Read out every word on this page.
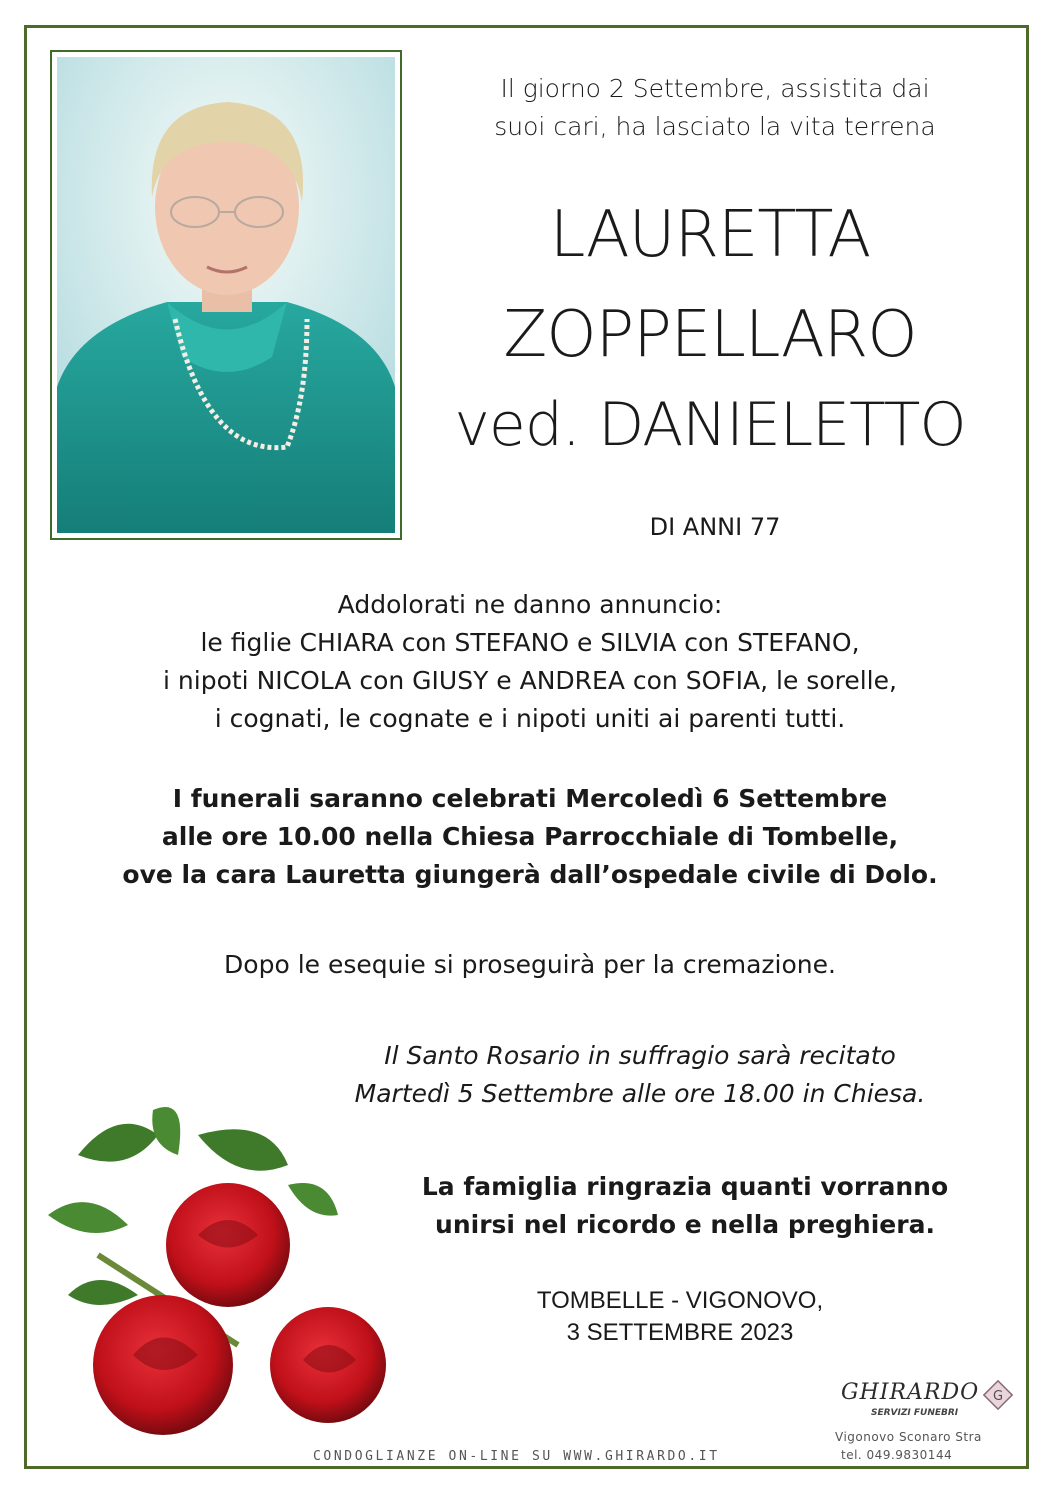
Il giorno 2 Settembre, assistita dai
suoi cari, ha lasciato la vita terrena
LAURETTA
ZOPPELLARO
ved. DANIELETTO
DI ANNI 77
Addolorati ne danno annuncio:
le figlie CHIARA con STEFANO e SILVIA con STEFANO,
i nipoti NICOLA con GIUSY e ANDREA con SOFIA, le sorelle,
i cognati, le cognate e i nipoti uniti ai parenti tutti.
I funerali saranno celebrati Mercoledì 6 Settembre
alle ore 10.00 nella Chiesa Parrocchiale di Tombelle,
ove la cara Lauretta giungerà dall’ospedale civile di Dolo.
Dopo le esequie si proseguirà per la cremazione.
Il Santo Rosario in suffragio sarà recitato
Martedì 5 Settembre alle ore 18.00 in Chiesa.
La famiglia ringrazia quanti vorranno
unirsi nel ricordo e nella preghiera.
TOMBELLE - VIGONOVO,
3 SETTEMBRE 2023
CONDOGLIANZE ON-LINE SU WWW.GHIRARDO.IT
GHIRARDO
SERVIZI FUNEBRI
G
Vigonovo Sconaro Stra
tel. 049.9830144
